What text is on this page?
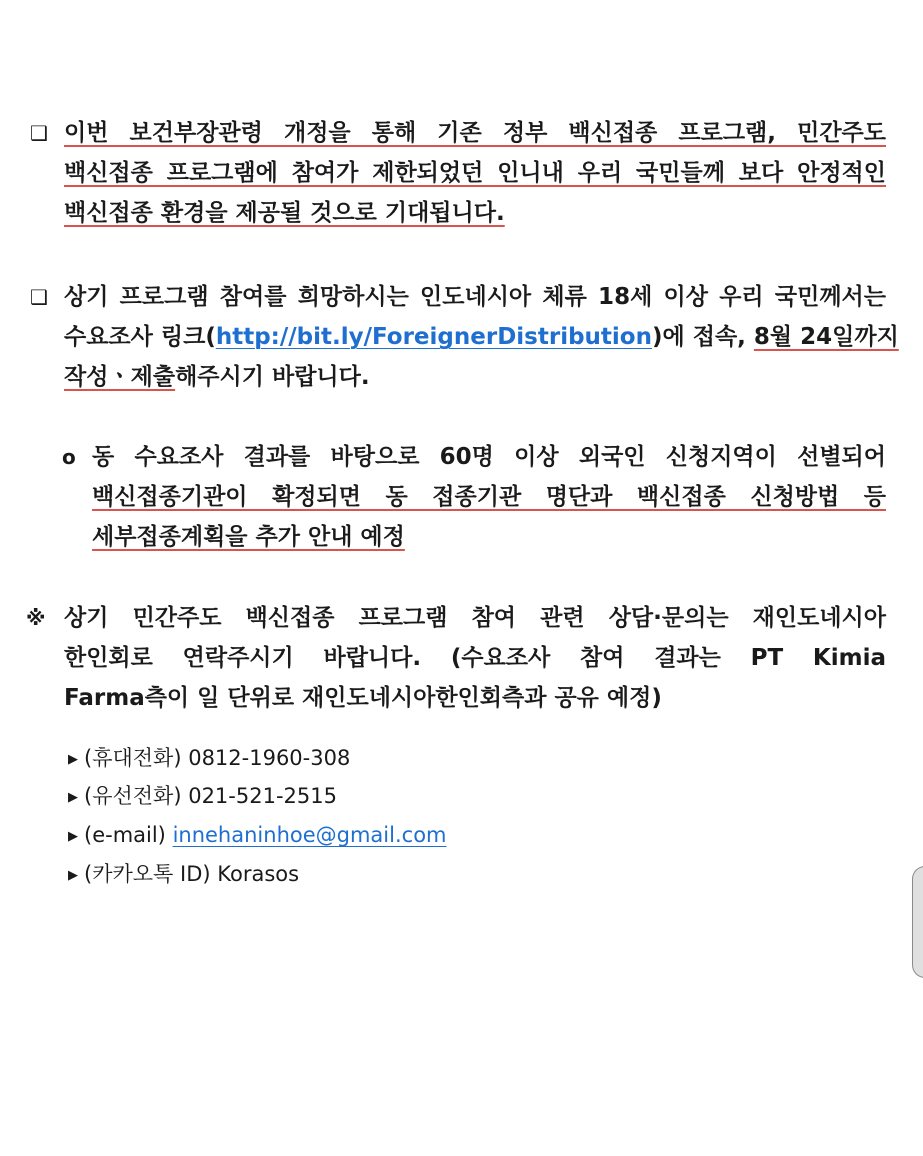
❑ 이번 보건부장관령 개정을 통해 기존 정부 백신접종 프로그램, 민간주도
백신접종 프로그램에 참여가 제한되었던 인니내 우리 국민들께 보다 안정적인
백신접종 환경을 제공될 것으로 기대됩니다.
❑ 상기 프로그램 참여를 희망하시는 인도네시아 체류 18세 이상 우리 국민께서는
수요조사 링크(http://bit.ly/ForeignerDistribution)에 접속, 8월 24일까지
작성ㆍ제출해주시기 바랍니다.
o 동 수요조사 결과를 바탕으로 60명 이상 외국인 신청지역이 선별되어
백신접종기관이 확정되면 동 접종기관 명단과 백신접종 신청방법 등
세부접종계획을 추가 안내 예정
※ 상기 민간주도 백신접종 프로그램 참여 관련 상담·문의는 재인도네시아
한인회로 연락주시기 바랍니다. (수요조사 참여 결과는 PT Kimia
Farma측이 일 단위로 재인도네시아한인회측과 공유 예정)
▶ (휴대전화) 0812-1960-308
▶ (유선전화) 021-521-2515
▶ (e-mail) innehaninhoe@gmail.com
▶ (카카오톡 ID) Korasos
